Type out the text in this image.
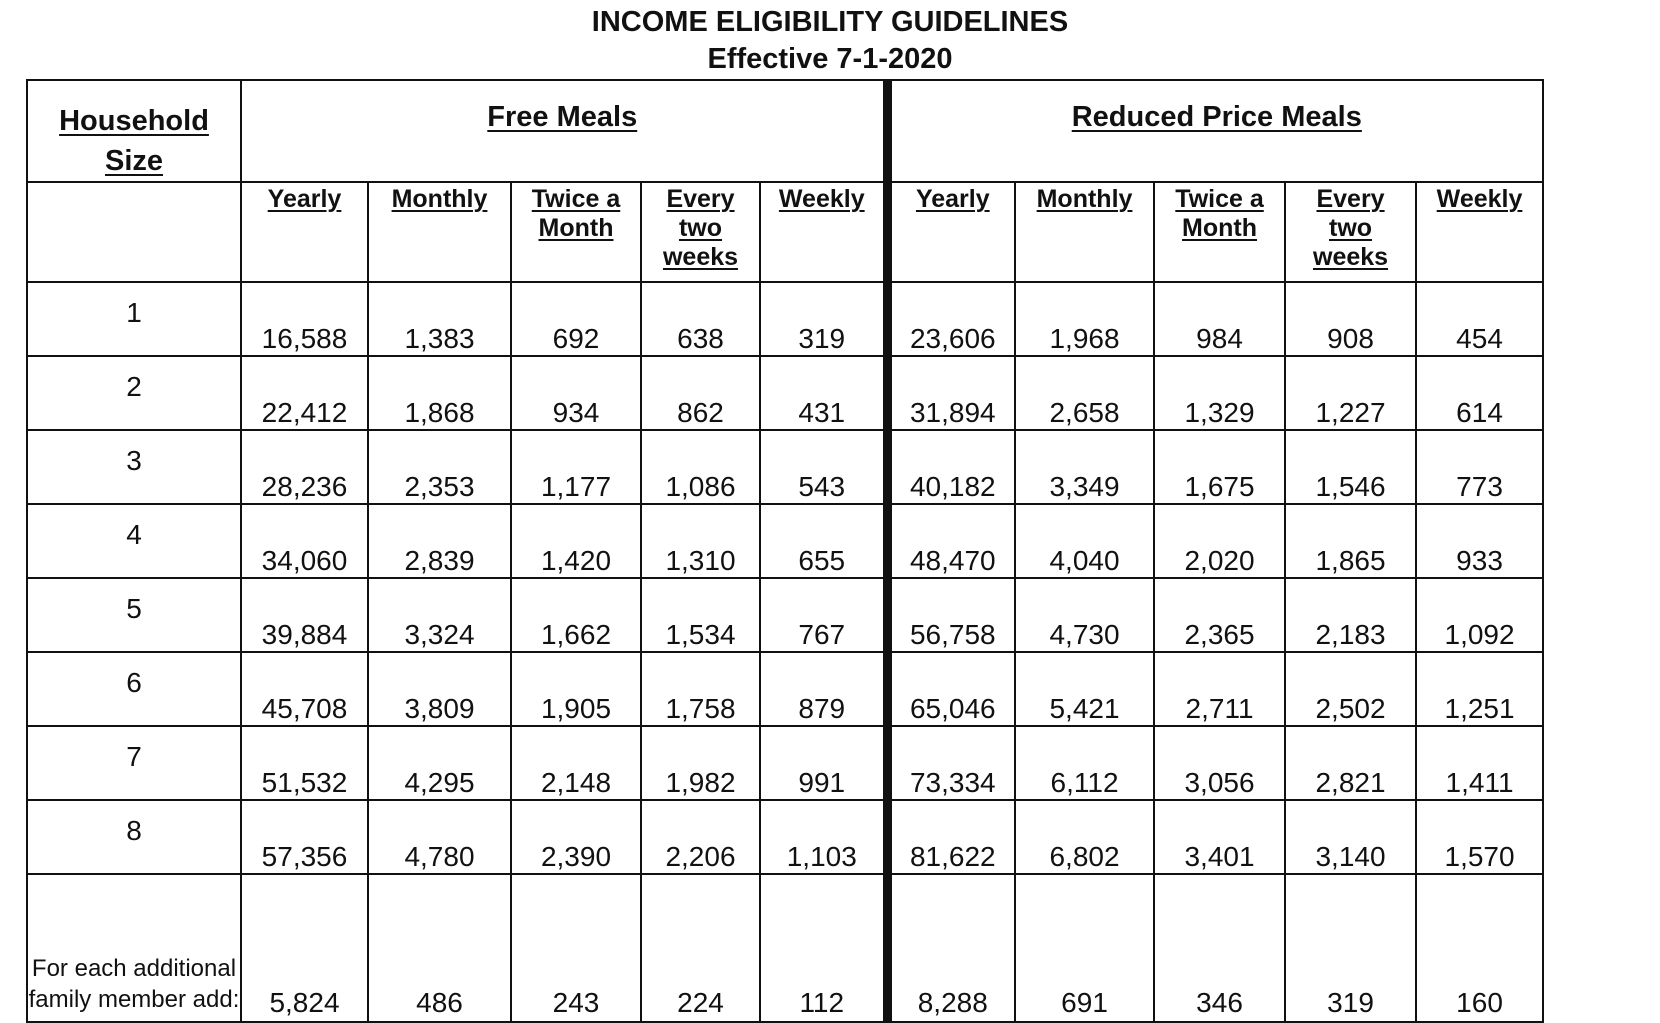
INCOME ELIGIBILITY GUIDELINES
Effective 7-1-2020
Household Size	Free Meals					Reduced Price Meals				
	Yearly	Monthly	Twice a Month	Every two weeks	Weekly	Yearly	Monthly	Twice a Month	Every two weeks	Weekly
1	16,588	1,383	692	638	319	23,606	1,968	984	908	454
2	22,412	1,868	934	862	431	31,894	2,658	1,329	1,227	614
3	28,236	2,353	1,177	1,086	543	40,182	3,349	1,675	1,546	773
4	34,060	2,839	1,420	1,310	655	48,470	4,040	2,020	1,865	933
5	39,884	3,324	1,662	1,534	767	56,758	4,730	2,365	2,183	1,092
6	45,708	3,809	1,905	1,758	879	65,046	5,421	2,711	2,502	1,251
7	51,532	4,295	2,148	1,982	991	73,334	6,112	3,056	2,821	1,411
8	57,356	4,780	2,390	2,206	1,103	81,622	6,802	3,401	3,140	1,570
For each additional family member add:	5,824	486	243	224	112	8,288	691	346	319	160
